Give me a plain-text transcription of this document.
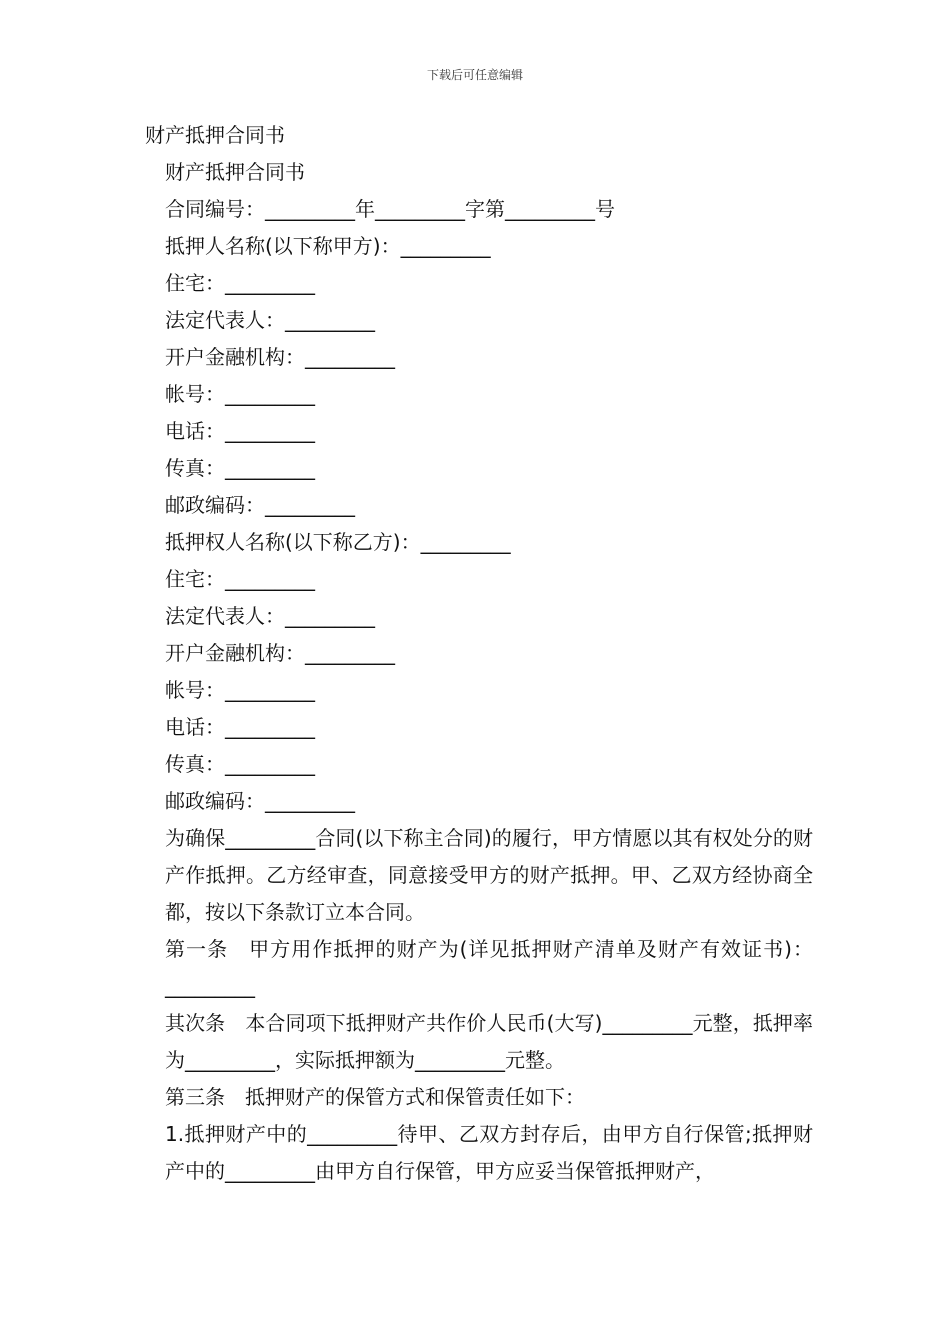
下载后可任意编辑

财产抵押合同书

财产抵押合同书

合同编号：_________年_________字第_________号

抵押人名称(以下称甲方)：_________

住宅：_________

法定代表人：_________

开户金融机构：_________

帐号：_________

电话：_________

传真：_________

邮政编码：_________

抵押权人名称(以下称乙方)：_________

住宅：_________

法定代表人：_________

开户金融机构：_________

帐号：_________

电话：_________

传真：_________

邮政编码：_________

为确保_________合同(以下称主合同)的履行，甲方情愿以其有权处分的财产作抵押。乙方经审查，同意接受甲方的财产抵押。甲、乙双方经协商全都，按以下条款订立本合同。

第一条　甲方用作抵押的财产为(详见抵押财产清单及财产有效证书)：_________

其次条　本合同项下抵押财产共作价人民币(大写)_________元整，抵押率为_________，实际抵押额为_________元整。

第三条　抵押财产的保管方式和保管责任如下：

1.抵押财产中的_________待甲、乙双方封存后，由甲方自行保管;抵押财产中的_________由甲方自行保管，甲方应妥当保管抵押财产，
